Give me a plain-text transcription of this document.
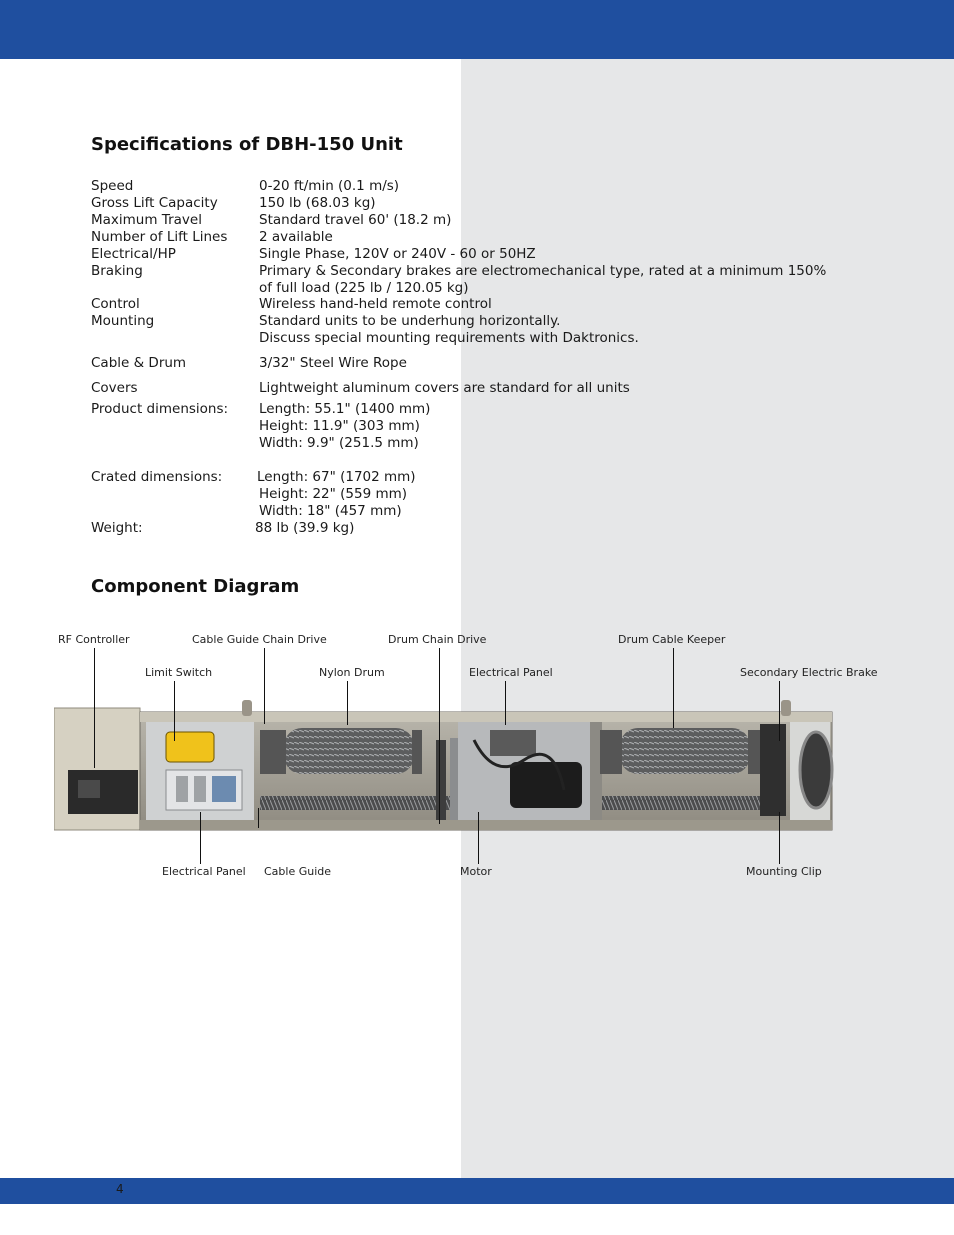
Specifications of DBH-150 Unit
Speed	0-20 ft/min (0.1 m/s)
Gross Lift Capacity	150 lb (68.03 kg)
Maximum Travel	Standard travel 60' (18.2 m)
Number of Lift Lines 2 available
Electrical/HP	Single Phase, 120V or 240V - 60 or 50HZ
Braking	Primary & Secondary brakes are electromechanical type, rated at a minimum 150%
of full load (225 lb / 120.05 kg)
Control	Wireless hand-held remote control
Mounting	Standard units to be underhung horizontally.
Discuss special mounting requirements with Daktronics.
Cable & Drum	3/32" Steel Wire Rope
Covers	Lightweight aluminum covers are standard for all units
Product dimensions: Length: 55.1" (1400 mm)
Height: 11.9" (303 mm)
Width: 9.9" (251.5 mm)
Crated dimensions:	Length: 67" (1702 mm)
Height: 22" (559 mm)
Width: 18" (457 mm)
Weight:	88 lb (39.9 kg)
Component Diagram
RF Controller	Cable Guide Chain Drive	Drum Chain Drive	Drum Cable Keeper
Limit Switch	Nylon Drum	Electrical Panel	Secondary Electric Brake
Electrical Panel Cable Guide	Motor	Mounting Clip
4
